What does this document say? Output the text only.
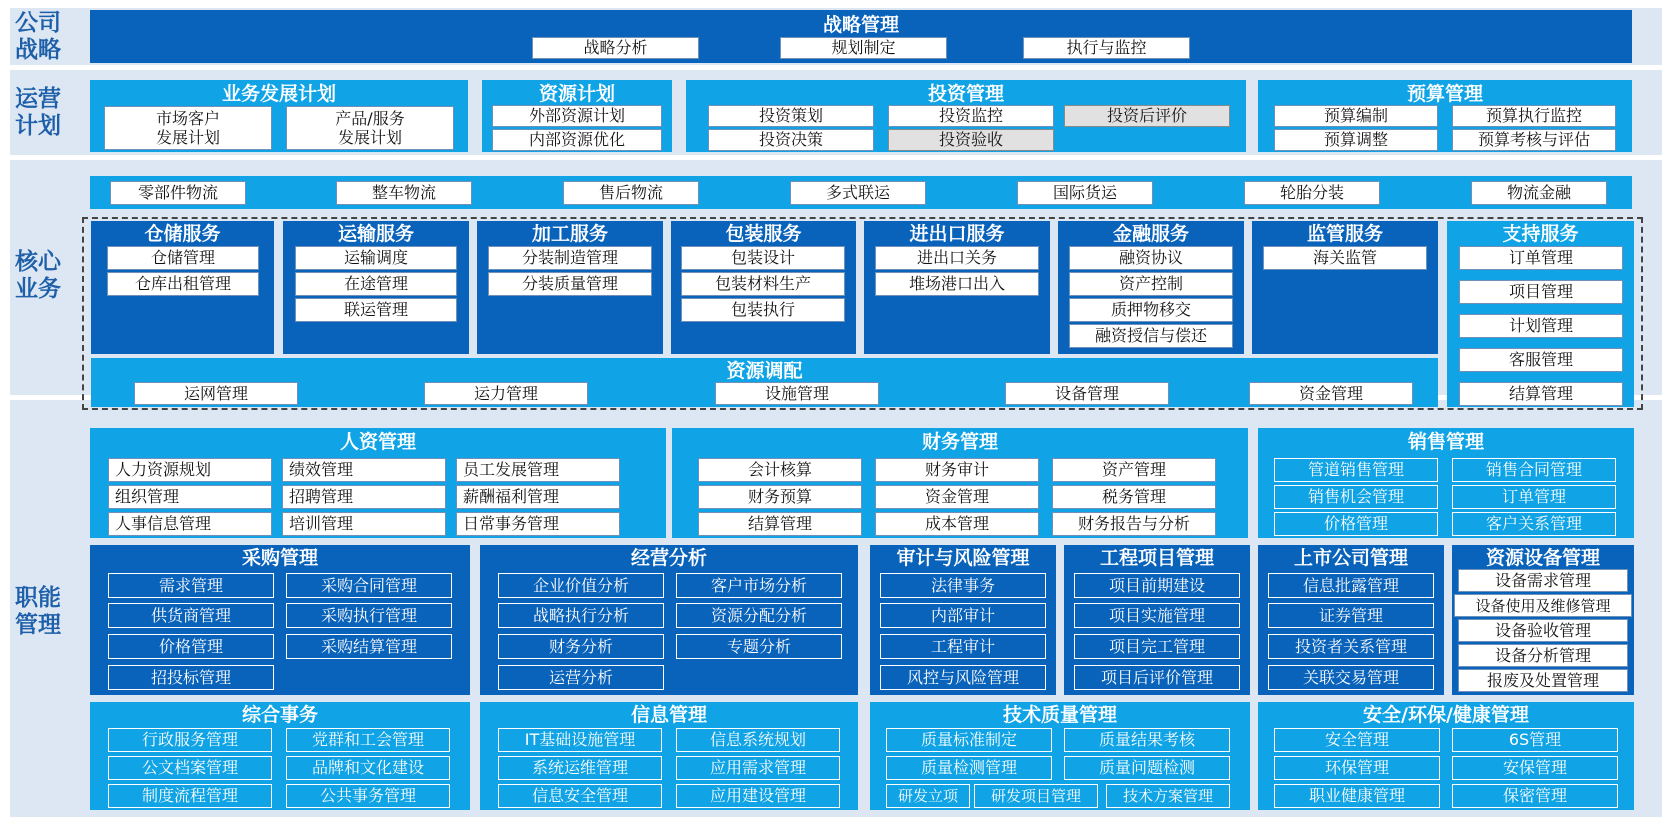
公司战略
运营计划
核心业务
职能管理
战略管理
战略分析	规划制定	执行与监控
业务发展计划
市场客户发展计划
产品/服务发展计划
资源计划
外部资源计划
内部资源优化
投资管理
投资策划	投资监控	投资后评价
投资决策	投资验收
预算管理
预算编制	预算执行监控
预算调整	预算考核与评估
零部件物流	整车物流	售后物流	多式联运	国际货运	轮胎分装	物流金融
仓储服务
仓储管理
仓库出租管理
运输服务
运输调度
在途管理
联运管理
加工服务
分装制造管理
分装质量管理
包装服务
包装设计
包装材料生产
包装执行
进出口服务
进出口关务
堆场港口出入
金融服务
融资协议
资产控制
质押物移交
融资授信与偿还
监管服务
海关监管
支持服务
订单管理
项目管理
计划管理
客服管理
结算管理
资源调配
运网管理	运力管理	设施管理	设备管理	资金管理
人资管理
人力资源规划	绩效管理	员工发展管理
组织管理	招聘管理	薪酬福利管理
人事信息管理	培训管理	日常事务管理
财务管理
会计核算	财务审计	资产管理
财务预算	资金管理	税务管理
结算管理	成本管理	财务报告与分析
销售管理
管道销售管理	销售合同管理
销售机会管理	订单管理
价格管理	客户关系管理
采购管理
需求管理	采购合同管理
供货商管理	采购执行管理
价格管理	采购结算管理
招投标管理
经营分析
企业价值分析	客户市场分析
战略执行分析	资源分配分析
财务分析	专题分析
运营分析
审计与风险管理
法律事务
内部审计
工程审计
风控与风险管理
工程项目管理
项目前期建设
项目实施管理
项目完工管理
项目后评价管理
上市公司管理
信息批露管理
证券管理
投资者关系管理
关联交易管理
资源设备管理
设备需求管理
设备使用及维修管理
设备验收管理
设备分析管理
报废及处置管理
综合事务
行政服务管理	党群和工会管理
公文档案管理	品牌和文化建设
制度流程管理	公共事务管理
信息管理
IT基础设施管理	信息系统规划
系统运维管理	应用需求管理
信息安全管理	应用建设管理
技术质量管理
质量标准制定	质量结果考核
质量检测管理	质量问题检测
研发立项	研发项目管理	技术方案管理
安全/环保/健康管理
安全管理	6S管理
环保管理	安保管理
职业健康管理	保密管理
